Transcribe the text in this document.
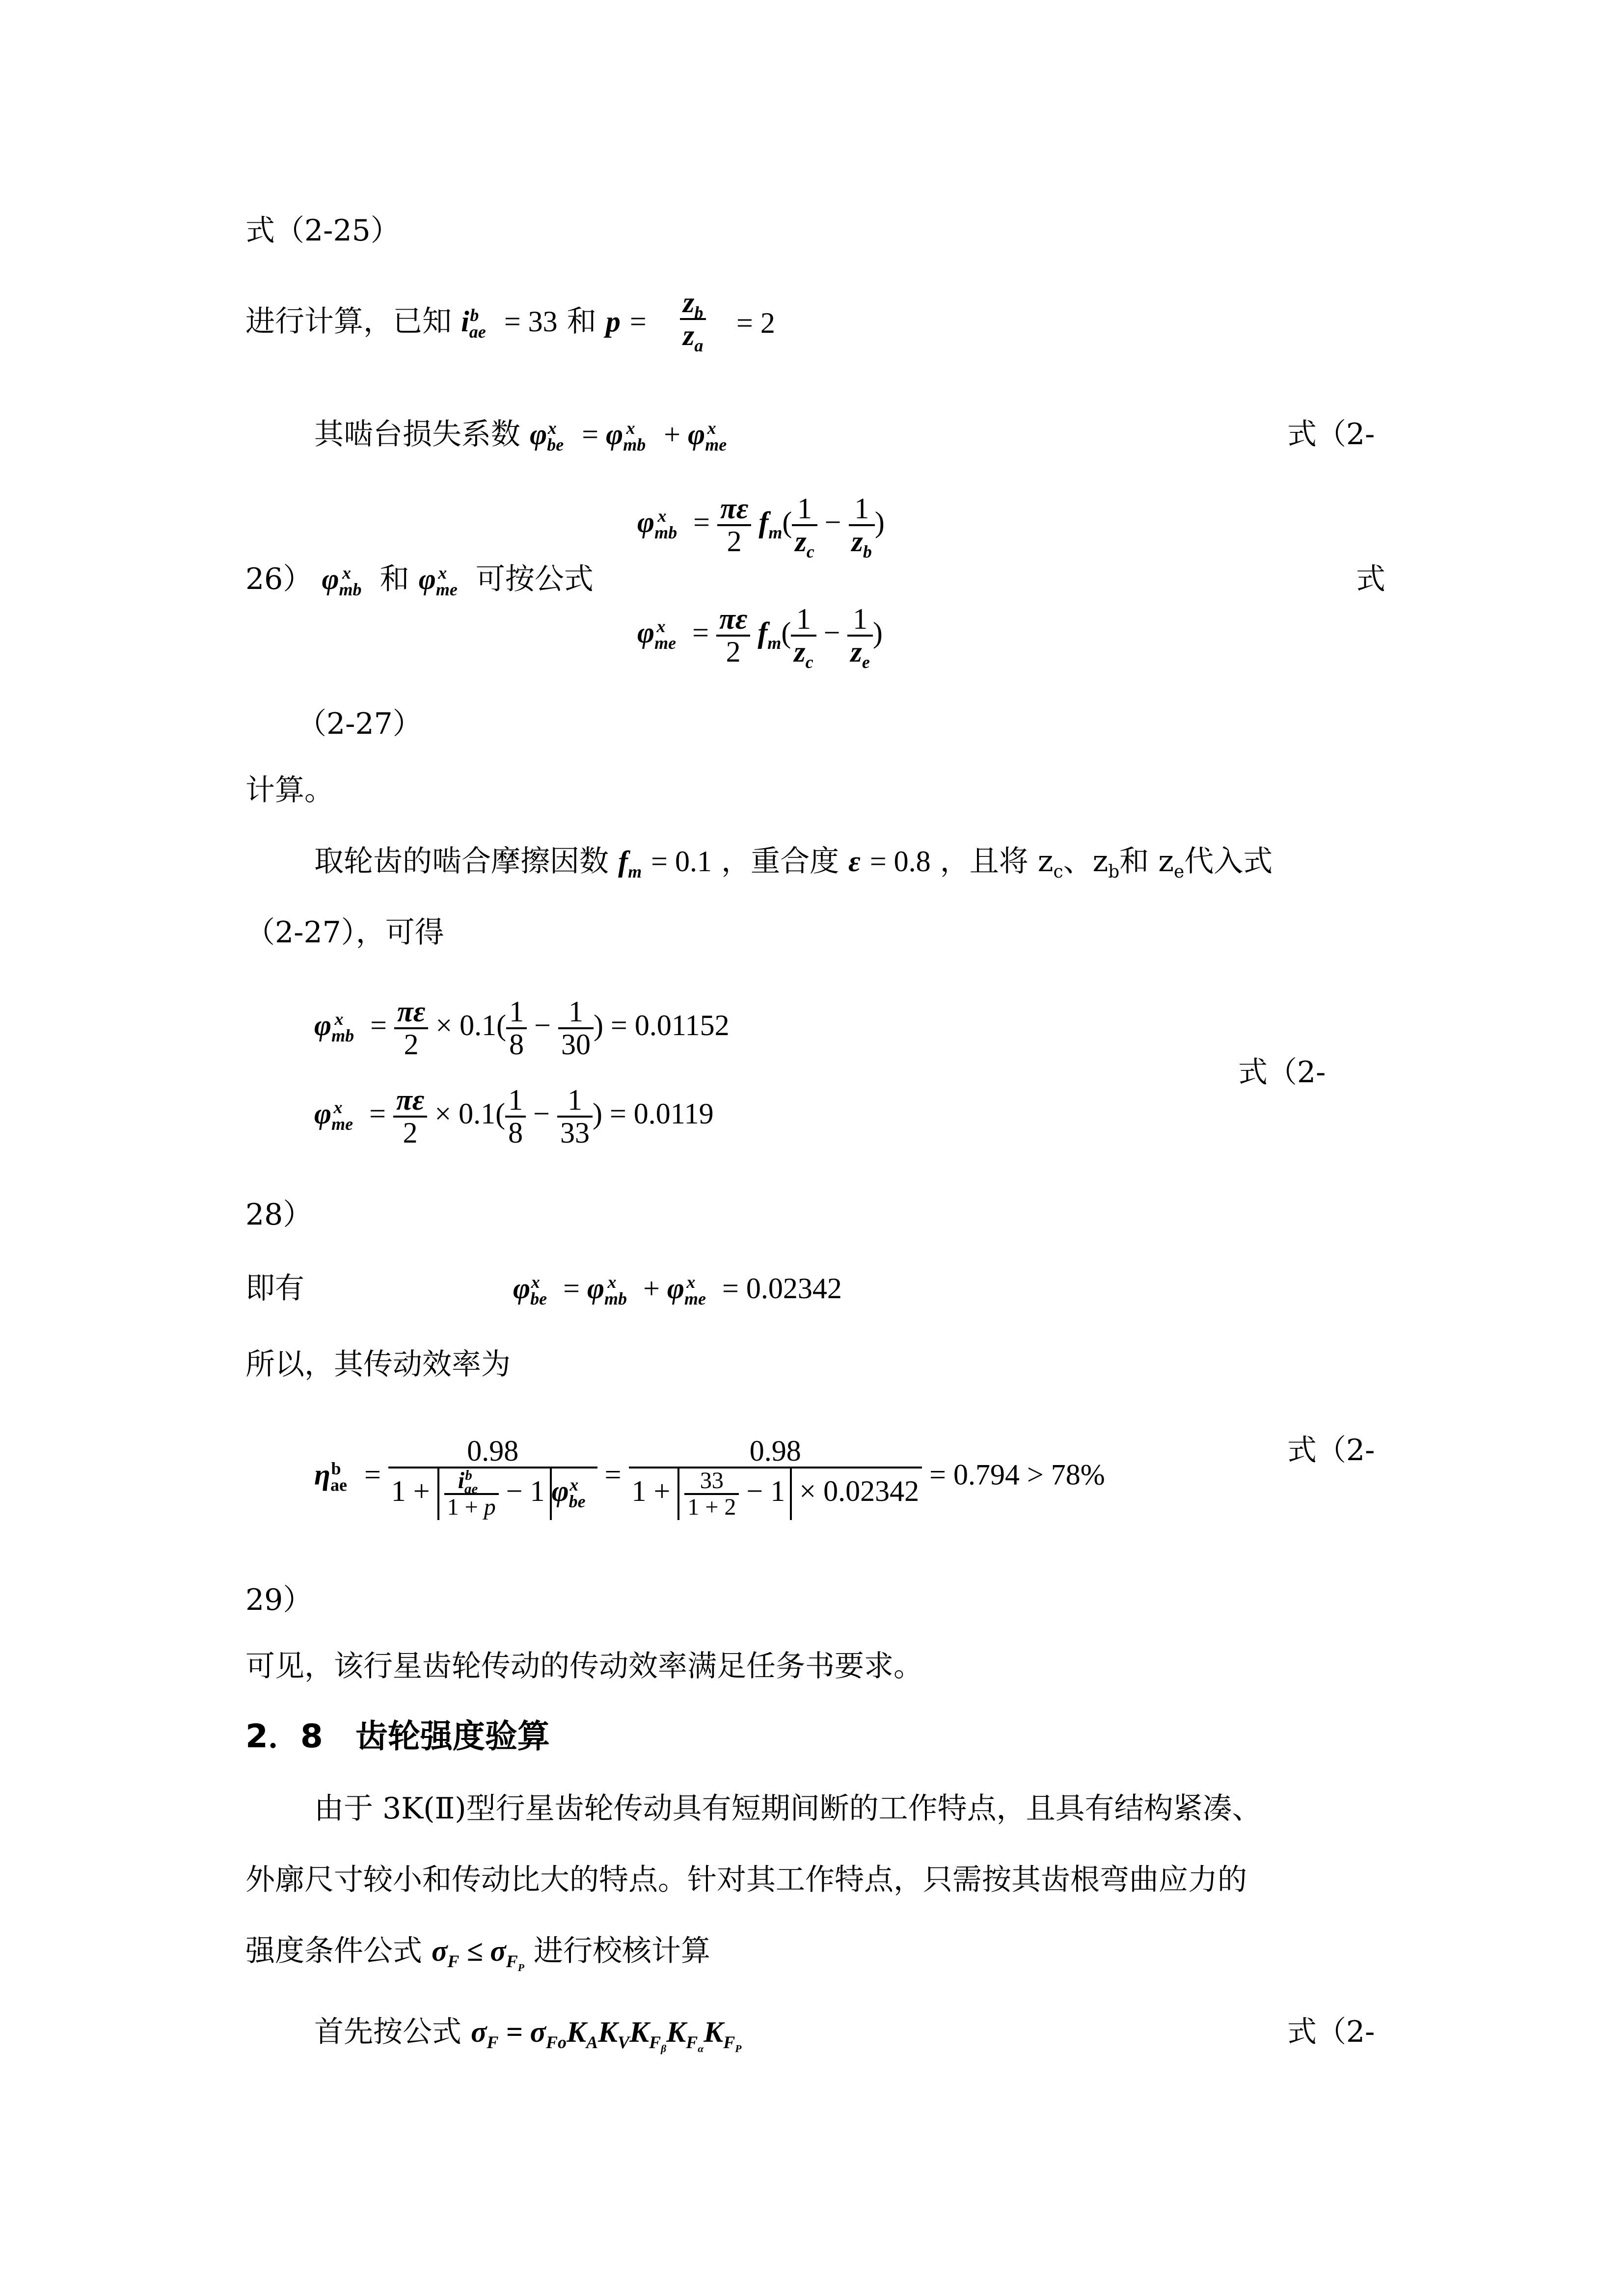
式（2-25）
进行计算，已知 $i_{ae}^b = 33$ 和 $p = \frac{z_b}{z_a} = 2$
其啮台损失系数 $\varphi_{be}^x = \varphi_{mb}^x + \varphi_{me}^x$	式（2-
$\varphi_{mb}^x = \frac{\pi\varepsilon}{2} f_m( \frac{1}{z_c} - \frac{1}{z_b}$ )
$\varphi_{me}^x = \frac{\pi\varepsilon}{2} f_m( \frac{1}{z_c} - \frac{1}{z_e}$ )
26） $\varphi_{mb}^x$ 和 $\varphi_{me}^x$ 可按公式	式
（2-27）
计算。
取轮齿的啮合摩擦因数 $f_m = 0.1$ ，重合度 ε = 0.8 ，且将 $z_c$、$z_b$和 $z_e$代入式
（2-27），可得
$\varphi_{mb}^x = \frac{\pi\varepsilon}{2} \times 0.1( \frac{1}{8} - \frac{1}{30}$ ) = 0.01152
$\varphi_{me}^x = \frac{\pi\varepsilon}{2} \times 0.1( \frac{1}{8} - \frac{1}{33}$ ) = 0.0119
式（2-
28）
即有	$\varphi_{be}^x = \varphi_{mb}^x + \varphi_{me}^x = 0.02342$
所以，其传动效率为
$\eta_{ae}^b = \frac{0.98}{1 + \frac{i_{ae}^b}{1 + p} - 1 \varphi_{be}^x} = \frac{0.98}{1 + \frac{33}{1 + 2} - 1 \times 0.02342} = 0.794 > 78\%$
式（2-
29）
可见，该行星齿轮传动的传动效率满足任务书要求。
2．8　齿轮强度验算
由于 3K(Ⅱ)型行星齿轮传动具有短期间断的工作特点，且具有结构紧凑、
外廓尺寸较小和传动比大的特点。针对其工作特点，只需按其齿根弯曲应力的
强度条件公式 $\sigma_F \le \sigma_{F_P}$ 进行校核计算
首先按公式 $\sigma_F = \sigma_{Fo}K_AK_VK_{F_\beta}K_{F_\alpha}K_{F_P}$	式（2-
